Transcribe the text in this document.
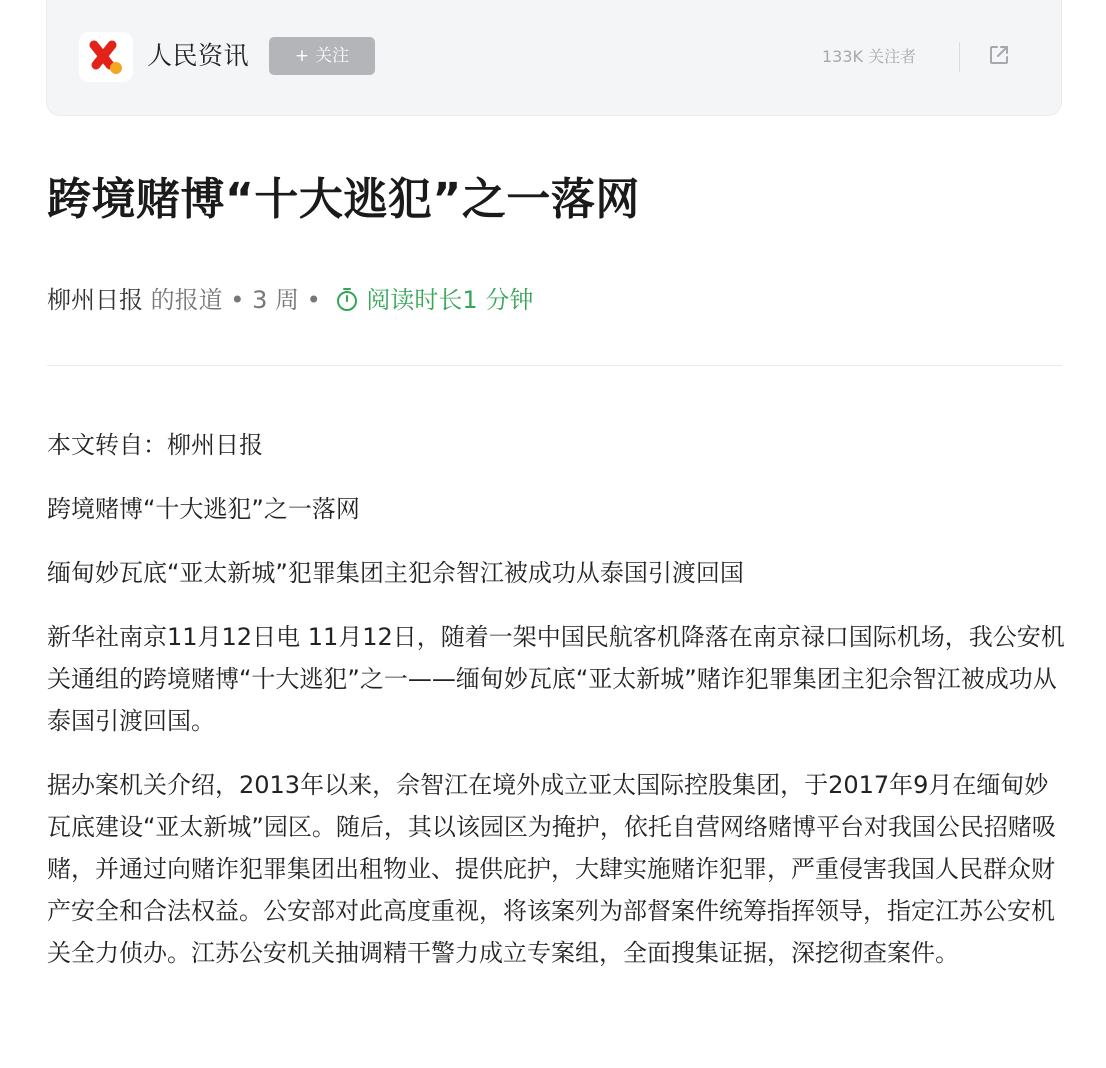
人民资讯	+ 关注	133K 关注者
跨境赌博“十大逃犯”之一落网
柳州日报 的报道 • 3 周 • 阅读时长1 分钟

本文转自：柳州日报

跨境赌博“十大逃犯”之一落网

缅甸妙瓦底“亚太新城”犯罪集团主犯佘智江被成功从泰国引渡回国

新华社南京11月12日电 11月12日，随着一架中国民航客机降落在南京禄口国际机场，我公安机关通组的跨境赌博“十大逃犯”之一——缅甸妙瓦底“亚太新城”赌诈犯罪集团主犯佘智江被成功从泰国引渡回国。

据办案机关介绍，2013年以来，佘智江在境外成立亚太国际控股集团，于2017年9月在缅甸妙瓦底建设“亚太新城”园区。随后，其以该园区为掩护，依托自营网络赌博平台对我国公民招赌吸赌，并通过向赌诈犯罪集团出租物业、提供庇护，大肆实施赌诈犯罪，严重侵害我国人民群众财产安全和合法权益。公安部对此高度重视，将该案列为部督案件统筹指挥领导，指定江苏公安机关全力侦办。江苏公安机关抽调精干警力成立专案组，全面搜集证据，深挖彻查案件。
